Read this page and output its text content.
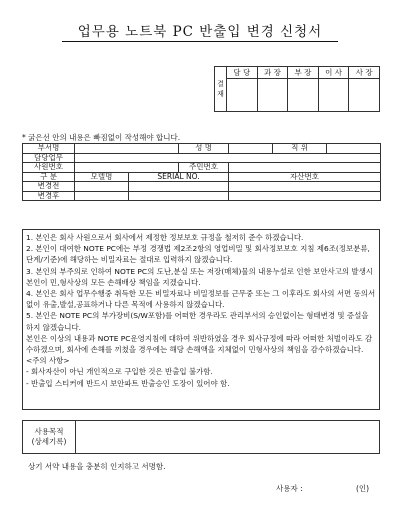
업무용 노트북 PC 반출입 변경 신청서
결
재	담 당	과 장	부 장	이 사	사 장

* 굵은선 안의 내용은 빠짐없이 작성해야 합니다.
부서명			성 명		직 위	
담당업무						
사원번호			주민번호			
구 분	모델명	SERIAL NO.		자산번호		
변경전						
변경후						

1. 본인은 회사 사원으로서 회사에서 제정한 정보보호 규정을 철저히 준수 하겠습니다.

2. 본인이 대여한 NOTE PC에는 부정 경쟁법 제2조2항의 영업비밀 및 회사정보보호 지침 제6조(정보분류,단계/기준)에 해당하는 비밀자료는 절대로 입력하지 않겠습니다.

3. 본인의 부주의로 인하여 NOTE PC의 도난,분실 또는 저장(매체)물의 내용누설로 인한 보안사고의 발생시 본인이 민,형사상의 모든 손해배상 책임을 지겠습니다.

4. 본인은 회사 업무수행중 취득한 모든 비밀자료나 비밀정보를 근무중 또는 그 이후라도 회사의 서면 동의서 없이 유출,발설,공표하거나 다른 목적에 사용하지 않겠습니다.

5. 본인은 NOTE PC의 부가장비(S/W포함)를 어떠한 경우라도 관리부서의 승인없이는 형태변경 및 증설을 하지 않겠습니다.

본인은 이상의 내용과 NOTE PC운영지침에 대하여 위반하였을 경우 회사규정에 따라 어떠한 처벌이라도 감수하겠으며, 회사에 손해를 끼쳤을 경우에는 해당 손해액을 지체없이 민형사상의 책임을 감수하겠습니다.

<주의 사항>

- 회사자산이 아닌 개인적으로 구입한 것은 반출입 불가함.

- 반출입 스티커에 반드시 보안파트 반출승인 도장이 있어야 함.

사용목적
(상세기록)	
상기 서약 내용을 충분히 인지하고 서명함.
사용자 :	(인)
